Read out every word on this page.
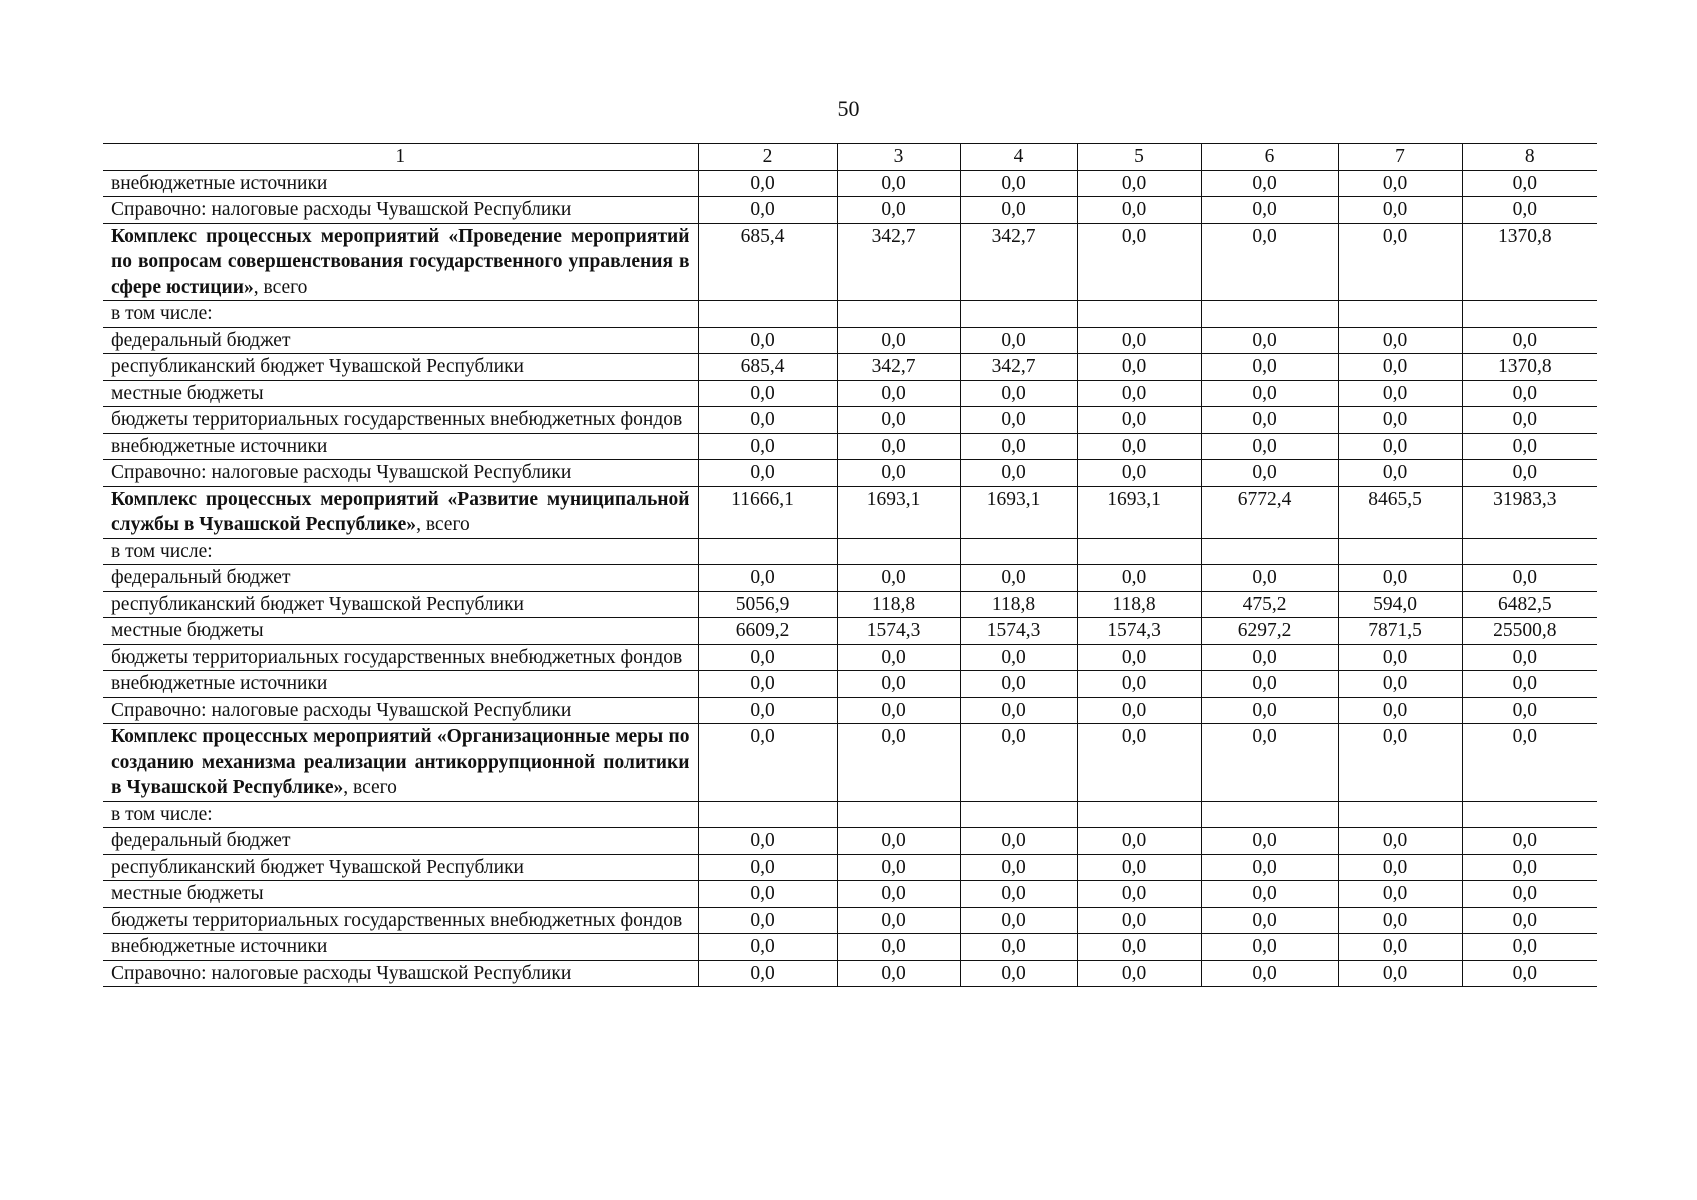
50
1	2	3	4	5	6	7	8
внебюджетные источники	0,0	0,0	0,0	0,0	0,0	0,0	0,0
Справочно: налоговые расходы Чувашской Республики	0,0	0,0	0,0	0,0	0,0	0,0	0,0
Комплекс процессных мероприятий «Проведение мероприятий по вопросам совершенствования государственного управления в сфере юстиции», всего	685,4	342,7	342,7	0,0	0,0	0,0	1370,8
в том числе:							
федеральный бюджет	0,0	0,0	0,0	0,0	0,0	0,0	0,0
республиканский бюджет Чувашской Республики	685,4	342,7	342,7	0,0	0,0	0,0	1370,8
местные бюджеты	0,0	0,0	0,0	0,0	0,0	0,0	0,0
бюджеты территориальных государственных внебюджетных фондов	0,0	0,0	0,0	0,0	0,0	0,0	0,0
внебюджетные источники	0,0	0,0	0,0	0,0	0,0	0,0	0,0
Справочно: налоговые расходы Чувашской Республики	0,0	0,0	0,0	0,0	0,0	0,0	0,0
Комплекс процессных мероприятий «Развитие муниципальной службы в Чувашской Республике», всего	11666,1	1693,1	1693,1	1693,1	6772,4	8465,5	31983,3
в том числе:							
федеральный бюджет	0,0	0,0	0,0	0,0	0,0	0,0	0,0
республиканский бюджет Чувашской Республики	5056,9	118,8	118,8	118,8	475,2	594,0	6482,5
местные бюджеты	6609,2	1574,3	1574,3	1574,3	6297,2	7871,5	25500,8
бюджеты территориальных государственных внебюджетных фондов	0,0	0,0	0,0	0,0	0,0	0,0	0,0
внебюджетные источники	0,0	0,0	0,0	0,0	0,0	0,0	0,0
Справочно: налоговые расходы Чувашской Республики	0,0	0,0	0,0	0,0	0,0	0,0	0,0
Комплекс процессных мероприятий «Организационные меры по созданию механизма реализации антикоррупционной политики в Чувашской Республике», всего	0,0	0,0	0,0	0,0	0,0	0,0	0,0
в том числе:							
федеральный бюджет	0,0	0,0	0,0	0,0	0,0	0,0	0,0
республиканский бюджет Чувашской Республики	0,0	0,0	0,0	0,0	0,0	0,0	0,0
местные бюджеты	0,0	0,0	0,0	0,0	0,0	0,0	0,0
бюджеты территориальных государственных внебюджетных фондов	0,0	0,0	0,0	0,0	0,0	0,0	0,0
внебюджетные источники	0,0	0,0	0,0	0,0	0,0	0,0	0,0
Справочно: налоговые расходы Чувашской Республики	0,0	0,0	0,0	0,0	0,0	0,0	0,0
